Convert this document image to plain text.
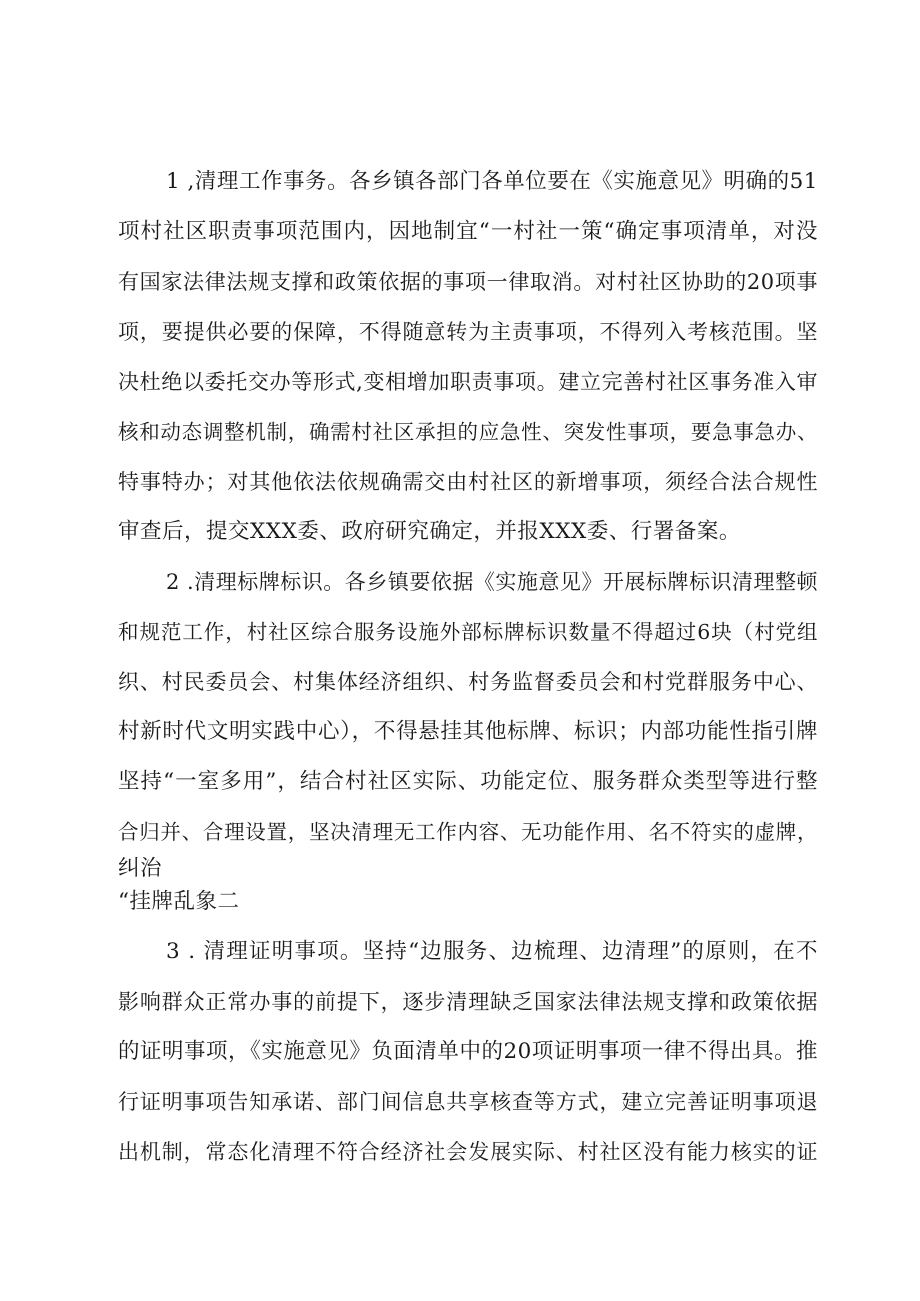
1 ,清理工作事务。各乡镇各部门各单位要在《实施意见》明确的51
项村社区职责事项范围内，因地制宜“一村社一策“确定事项清单，对没
有国家法律法规支撑和政策依据的事项一律取消。对村社区协助的20项事
项，要提供必要的保障，不得随意转为主责事项，不得列入考核范围。坚
决杜绝以委托交办等形式,变相增加职责事项。建立完善村社区事务准入审
核和动态调整机制，确需村社区承担的应急性、突发性事项，要急事急办、
特事特办；对其他依法依规确需交由村社区的新增事项，须经合法合规性
审查后，提交XXX委、政府研究确定，并报XXX委、行署备案。
2 .清理标牌标识。各乡镇要依据《实施意见》开展标牌标识清理整顿
和规范工作，村社区综合服务设施外部标牌标识数量不得超过6块（村党组
织、村民委员会、村集体经济组织、村务监督委员会和村党群服务中心、
村新时代文明实践中心），不得悬挂其他标牌、标识；内部功能性指引牌
坚持“一室多用”，结合村社区实际、功能定位、服务群众类型等进行整
合归并、合理设置，坚决清理无工作内容、无功能作用、名不符实的虚牌，
纠治
“挂牌乱象二
3 . 清理证明事项。坚持“边服务、边梳理、边清理”的原则，在不
影响群众正常办事的前提下，逐步清理缺乏国家法律法规支撑和政策依据
的证明事项，《实施意见》负面清单中的20项证明事项一律不得出具。推
行证明事项告知承诺、部门间信息共享核查等方式，建立完善证明事项退
出机制，常态化清理不符合经济社会发展实际、村社区没有能力核实的证
